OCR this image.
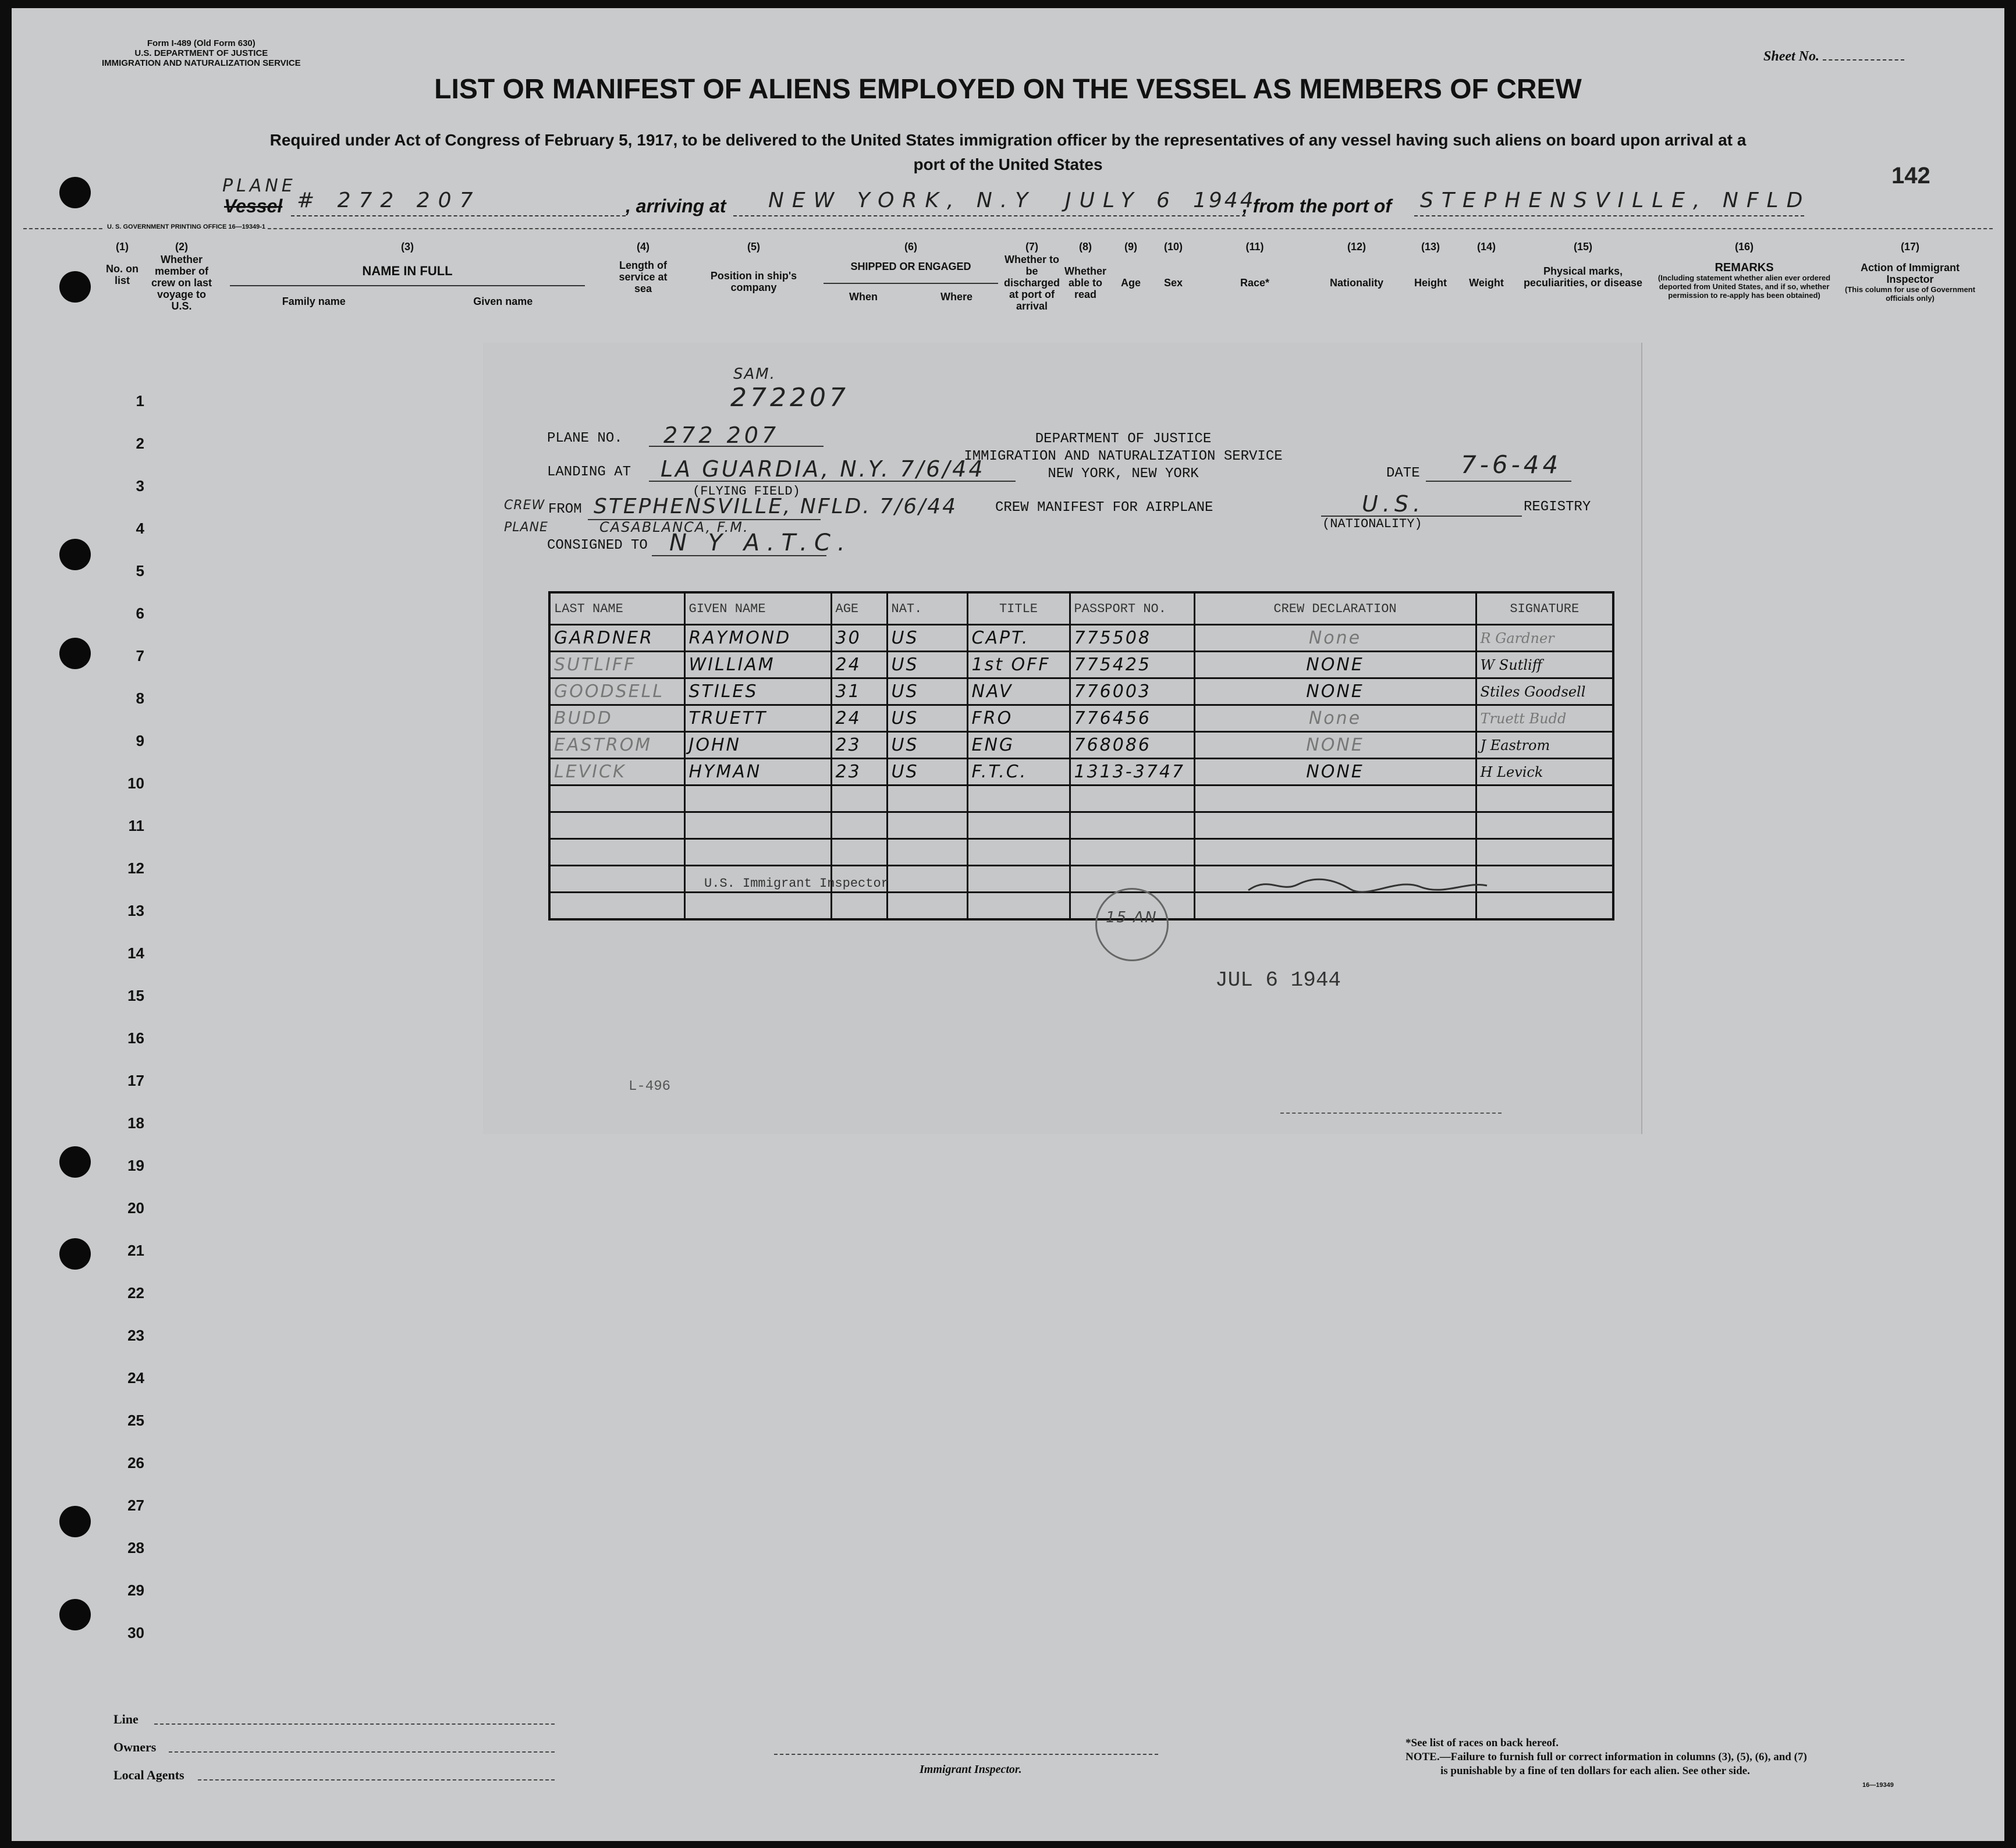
Form I-489 (Old Form 630)
U.S. DEPARTMENT OF JUSTICE
IMMIGRATION AND NATURALIZATION SERVICE	Sheet No.
LIST OR MANIFEST OF ALIENS EMPLOYED ON THE VESSEL AS MEMBERS OF CREW
Required under Act of Congress of February 5, 1917, to be delivered to the United States immigration officer by the representatives of any vessel having such aliens on board upon arrival at a
port of the United States	142
PLANE
Vessel # 272 207	, arriving at NEW YORK, N.Y JULY 6 1944
, from the port of STEPHENSVILLE, NFLD
U. S. GOVERNMENT PRINTING OFFICE 16—19349-1
(1)
No. on list
(2)
Whether member of crew on last voyage to U.S.
(3)
NAME IN FULL
Family name	Given name
(4)
Length of service at sea
(5)
Position in ship's company
(6)
SHIPPED OR ENGAGED
When	Where
(7)
Whether to be discharged at port of arrival
(8)
Whether able to read
(9)
Age
(10)
Sex
(11)
Race*
(12)
Nationality
(13)
Height
(14)
Weight
(15)
Physical marks, peculiarities, or disease
(16)
REMARKS
(Including statement whether alien ever ordered deported from United States, and if so, whether permission to re-apply has been obtained)
(17)
Action of Immigrant Inspector
(This column for use of Government officials only)
1
2
3
4
5
6
7
8
9
10
11
12
13
14
15
16
17
18
19
20
21
22
23
24
25
26
27
28
29
30
SAM.
272207
PLANE NO. 272 207
LANDING AT LA GUARDIA, N.Y. 7/6/44
(FLYING FIELD)
CREW FROM STEPHENSVILLE, NFLD. 7/6/44
PLANE	CASABLANCA, F.M.
CONSIGNED TO N Y A.T.C.
DEPARTMENT OF JUSTICE
IMMIGRATION AND NATURALIZATION SERVICE
NEW YORK, NEW YORK
CREW MANIFEST FOR AIRPLANE
DATE 7-6-44
U.S.
(NATIONALITY)
REGISTRY
LAST NAME	GIVEN NAME	AGE	NAT.	TITLE	PASSPORT NO.	CREW DECLARATION	SIGNATURE
GARDNER	RAYMOND	30	US	CAPT.	775508	None	R Gardner
SUTLIFF	WILLIAM	24	US	1st OFF	775425	NONE	W Sutliff
GOODSELL	STILES	31	US	NAV	776003	NONE	Stiles Goodsell
BUDD	TRUETT	24	US	FRO	776456	None	Truett Budd
EASTROM	JOHN	23	US	ENG	768086	NONE	J Eastrom
LEVICK	HYMAN	23	US	F.T.C.	1313-3747	NONE	H Levick

U.S. Immigrant Inspector
15 AN
JUL 6 1944
L-496
Line
Owners
Local Agents	Immigrant Inspector.
*See list of races on back hereof.
NOTE.—Failure to furnish full or correct information in columns (3), (5), (6), and (7)
is punishable by a fine of ten dollars for each alien. See other side.
16—19349
